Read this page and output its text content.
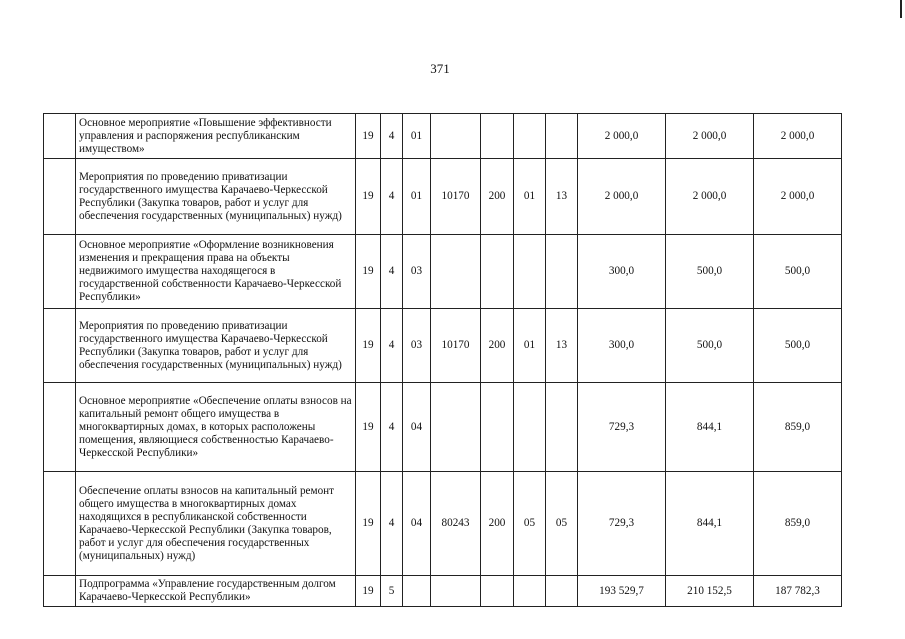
371
	Основное мероприятие «Повышение эффективности управления и распоряжения республиканским имуществом»	19	4	01					2 000,0	2 000,0	2 000,0
	Мероприятия по проведению приватизации государственного имущества Карачаево-Черкесской Республики (Закупка товаров, работ и услуг для обеспечения государственных (муниципальных) нужд)	19	4	01	10170	200	01	13	2 000,0	2 000,0	2 000,0
	Основное мероприятие «Оформление возникновения изменения и прекращения права на объекты недвижимого имущества находящегося в государственной собственности Карачаево-Черкесской Республики»	19	4	03					300,0	500,0	500,0
	Мероприятия по проведению приватизации государственного имущества Карачаево-Черкесской Республики (Закупка товаров, работ и услуг для обеспечения государственных (муниципальных) нужд)	19	4	03	10170	200	01	13	300,0	500,0	500,0
	Основное мероприятие «Обеспечение оплаты взносов на капитальный ремонт общего имущества в многоквартирных домах, в которых расположены помещения, являющиеся собственностью Карачаево-Черкесской Республики»	19	4	04					729,3	844,1	859,0
	Обеспечение оплаты взносов на капитальный ремонт общего имущества в многоквартирных домах находящихся в республиканской собственности Карачаево-Черкесской Республики (Закупка товаров, работ и услуг для обеспечения государственных (муниципальных) нужд)	19	4	04	80243	200	05	05	729,3	844,1	859,0
	Подпрограмма «Управление государственным долгом Карачаево-Черкесской Республики»	19	5						193 529,7	210 152,5	187 782,3
